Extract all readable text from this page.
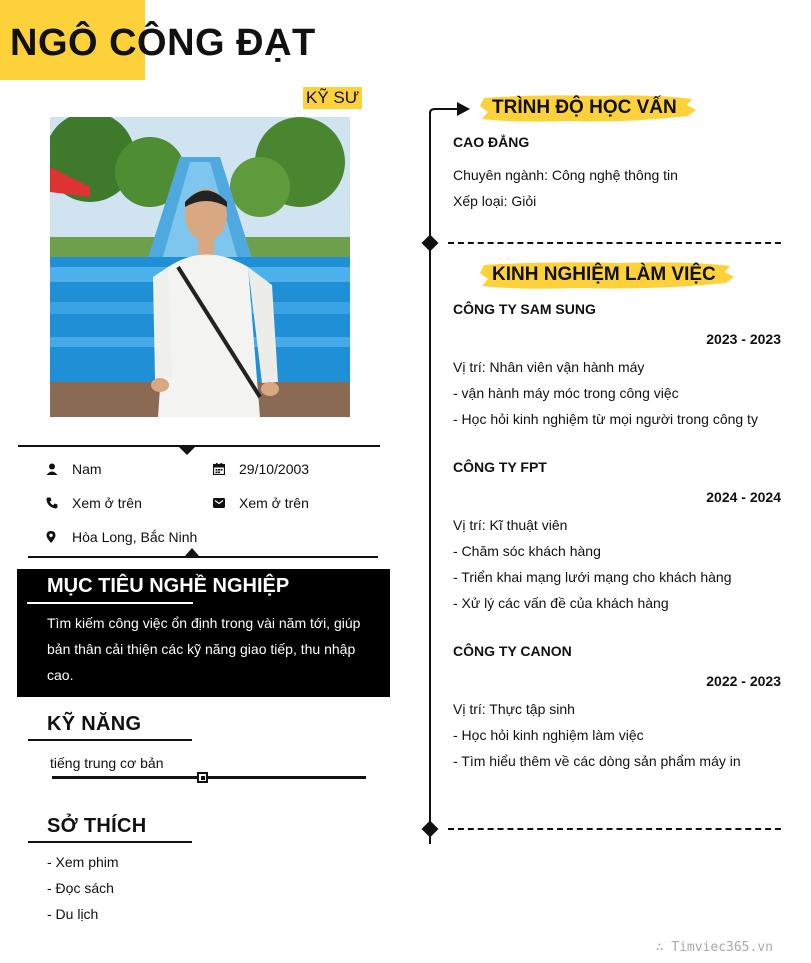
NGÔ CÔNG ĐẠT
KỸ SƯ
Nam	29/10/2003
Xem ở trên	Xem ở trên
Hòa Long, Bắc Ninh
MỤC TIÊU NGHỀ NGHIỆP
Tìm kiếm công việc ổn định trong vài năm tới, giúp
bản thân cải thiện các kỹ năng giao tiếp, thu nhập
cao.
KỸ NĂNG
tiếng trung cơ bản
SỞ THÍCH
- Xem phim
- Đọc sách
- Du lịch
TRÌNH ĐỘ HỌC VẤN
CAO ĐẲNG
Chuyên ngành: Công nghệ thông tin
Xếp loại: Giỏi
KINH NGHIỆM LÀM VIỆC
CÔNG TY SAM SUNG
2023 - 2023
Vị trí: Nhân viên vận hành máy
- vận hành máy móc trong công việc
- Học hỏi kinh nghiệm từ mọi người trong công ty
CÔNG TY FPT
2024 - 2024
Vị trí: Kĩ thuật viên
- Chăm sóc khách hàng
- Triển khai mạng lưới mạng cho khách hàng
- Xử lý các vấn đề của khách hàng
CÔNG TY CANON
2022 - 2023
Vị trí: Thực tập sinh
- Học hỏi kinh nghiệm làm việc
- Tìm hiểu thêm về các dòng sản phẩm máy in
∴ Timviec365.vn
